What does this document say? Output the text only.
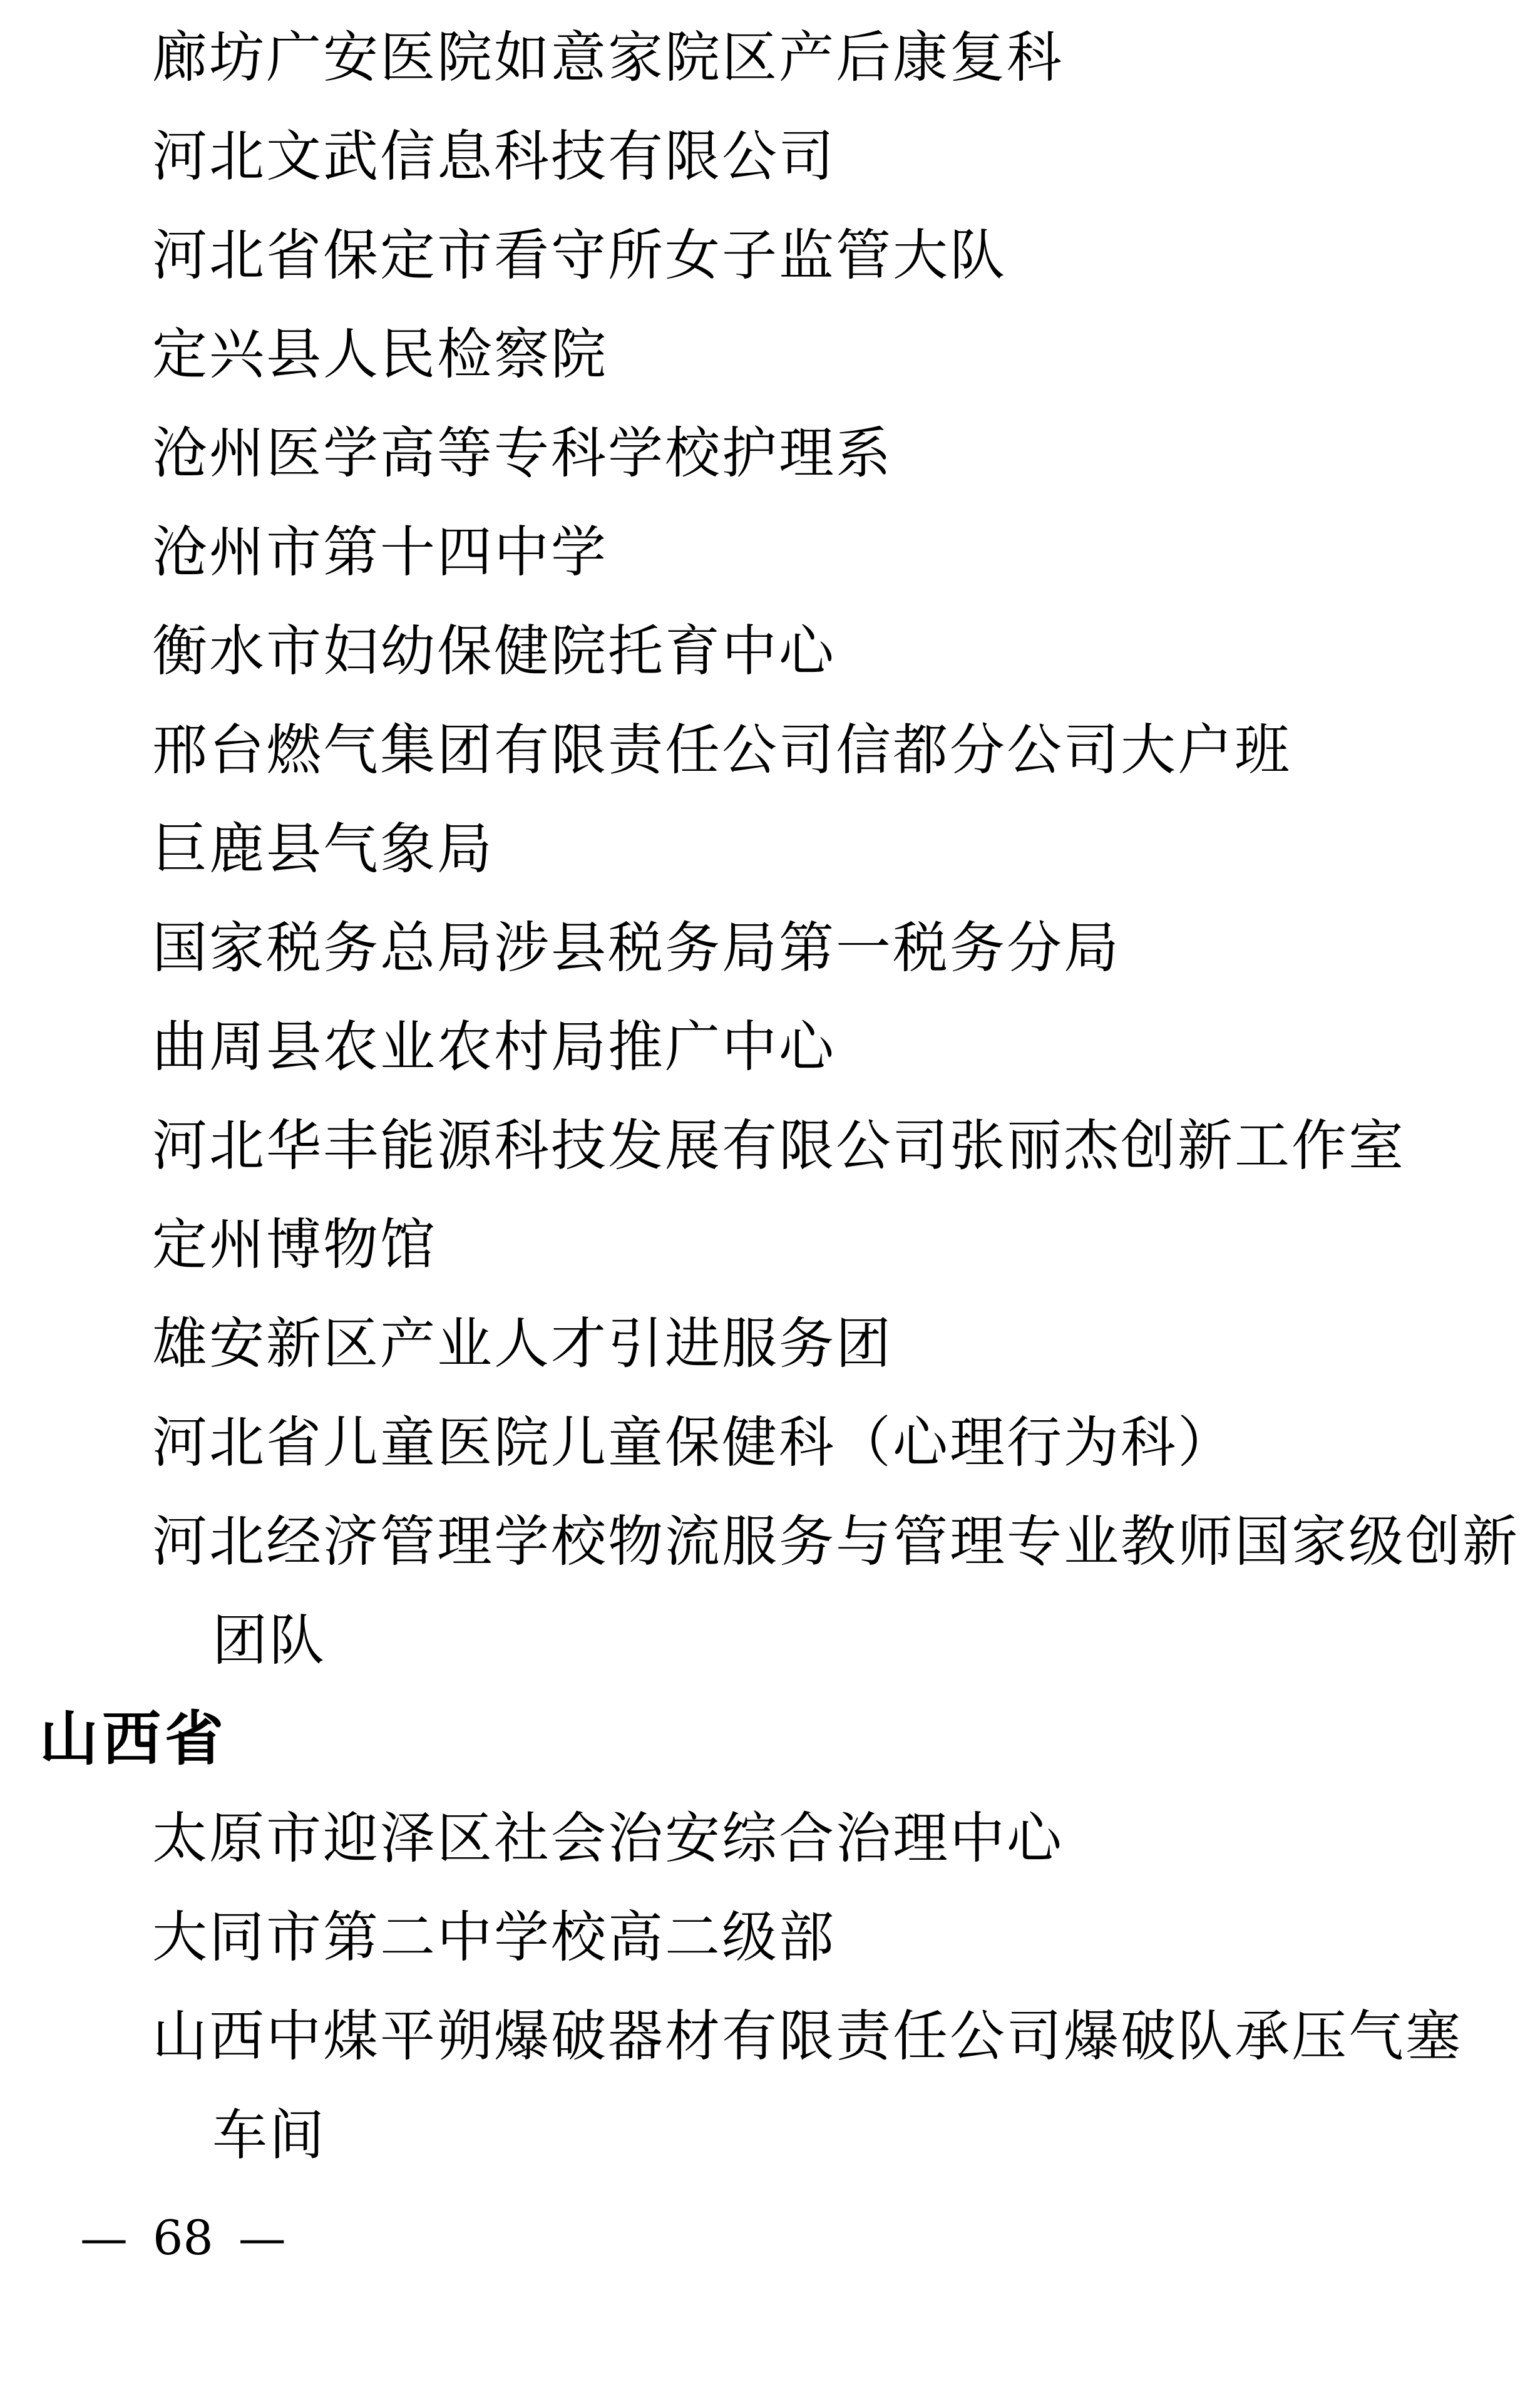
廊坊广安医院如意家院区产后康复科
河北文武信息科技有限公司
河北省保定市看守所女子监管大队
定兴县人民检察院
沧州医学高等专科学校护理系
沧州市第十四中学
衡水市妇幼保健院托育中心
邢台燃气集团有限责任公司信都分公司大户班
巨鹿县气象局
国家税务总局涉县税务局第一税务分局
曲周县农业农村局推广中心
河北华丰能源科技发展有限公司张丽杰创新工作室
定州博物馆
雄安新区产业人才引进服务团
河北省儿童医院儿童保健科（心理行为科）
河北经济管理学校物流服务与管理专业教师国家级创新
团队
山西省
太原市迎泽区社会治安综合治理中心
大同市第二中学校高二级部
山西中煤平朔爆破器材有限责任公司爆破队承压气塞
车间
— 68 —
